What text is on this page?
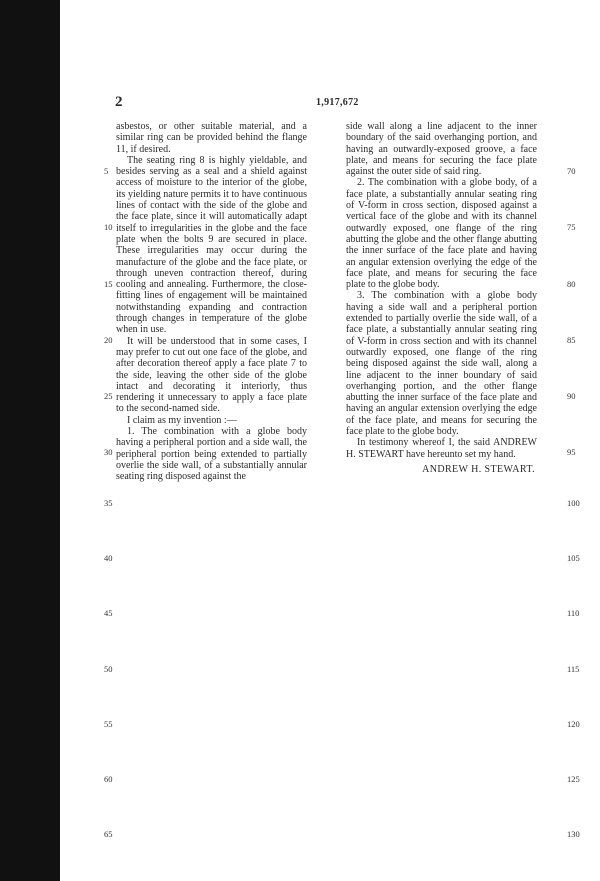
2	1,917,672

asbestos, or other suitable material, and a similar ring can be provided behind the flange 11, if desired.

The seating ring 8 is highly yieldable, and besides serving as a seal and a shield against access of moisture to the interior of the globe, its yielding nature permits it to have continuous lines of contact with the side of the globe and the face plate, since it will automatically adapt itself to irregularities in the globe and the face plate when the bolts 9 are secured in place. These irregularities may occur during the manufacture of the globe and the face plate, or through uneven contraction thereof, during cooling and annealing. Furthermore, the close-fitting lines of engagement will be maintained notwithstanding expanding and contraction through changes in temperature of the globe when in use.

It will be understood that in some cases, I may prefer to cut out one face of the globe, and after decoration thereof apply a face plate 7 to the side, leaving the other side of the globe intact and decorating it interiorly, thus rendering it unnecessary to apply a face plate to the second-named side.

I claim as my invention :—

1. The combination with a globe body having a peripheral portion and a side wall, the peripheral portion being extended to partially overlie the side wall, of a substantially annular seating ring disposed against the

side wall along a line adjacent to the inner boundary of the said overhanging portion, and having an outwardly-exposed groove, a face plate, and means for securing the face plate against the outer side of said ring.

2. The combination with a globe body, of a face plate, a substantially annular seating ring of V-form in cross section, disposed against a vertical face of the globe and with its channel outwardly exposed, one flange of the ring abutting the globe and the other flange abutting the inner surface of the face plate and having an angular extension overlying the edge of the face plate, and means for securing the face plate to the globe body.

3. The combination with a globe body having a side wall and a peripheral portion extended to partially overlie the side wall, of a face plate, a substantially annular seating ring of V-form in cross section and with its channel outwardly exposed, one flange of the ring being disposed against the side wall, along a line adjacent to the inner boundary of said overhanging portion, and the other flange abutting the inner surface of the face plate and having an angular extension overlying the edge of the face plate, and means for securing the face plate to the globe body.

In testimony whereof I, the said ANDREW H. STEWART have hereunto set my hand.

ANDREW H. STEWART.

5
10
15
20
25
30
35
40
45
50
55
60
65
70
75
80
85
90
95
100
105
110
115
120
125
130
